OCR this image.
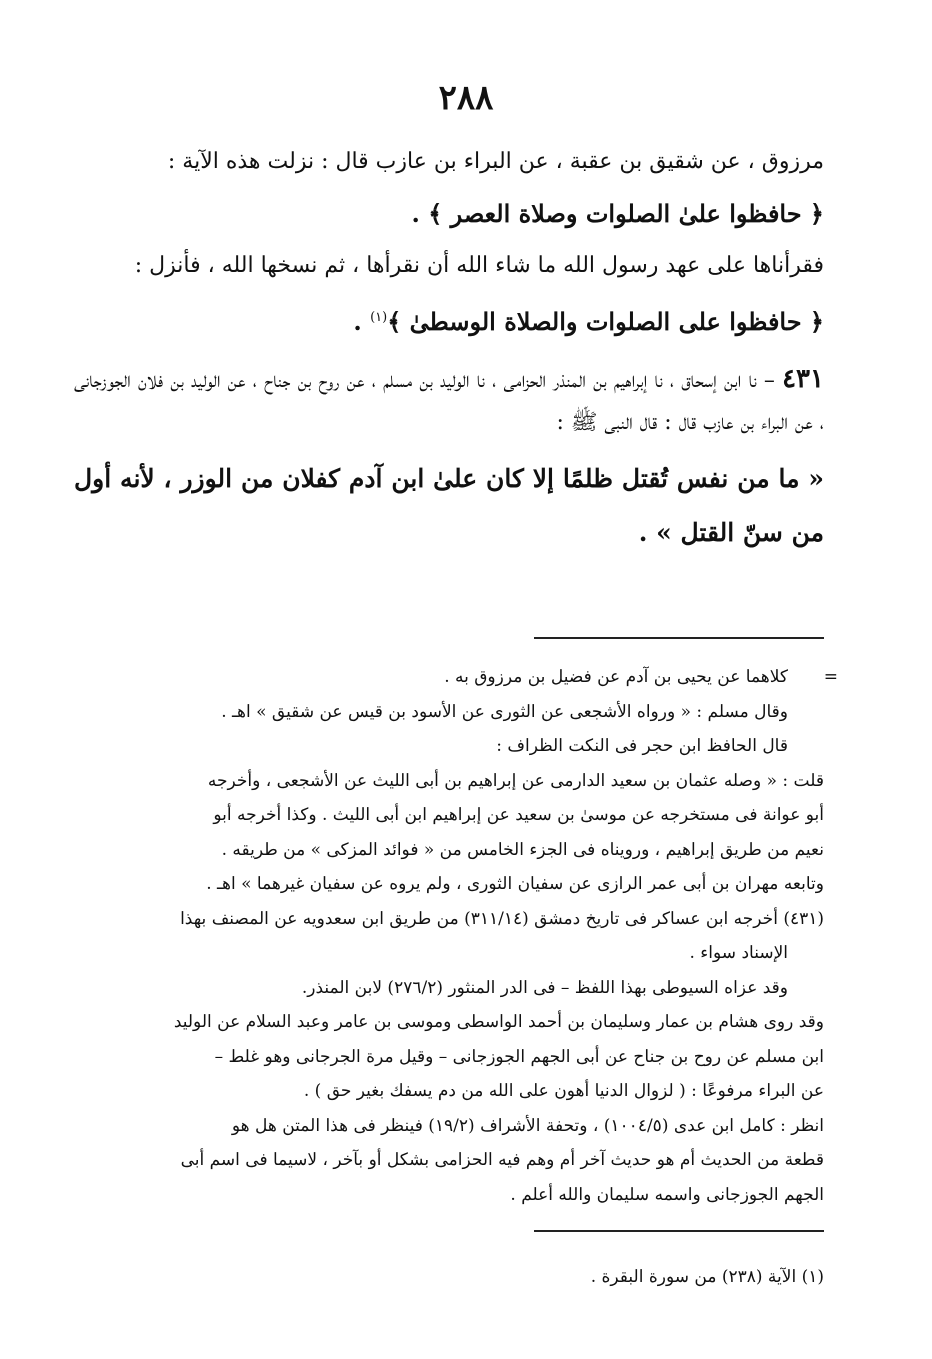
٢٨٨

مرزوق ، عن شقيق بن عقبة ، عن البراء بن عازب قال : نزلت هذه الآية :

﴿ حافظوا علىٰ الصلوات وصلاة العصر ﴾ .

فقرأناها على عهد رسول الله ما شاء الله أن نقرأها ، ثم نسخها الله ، فأنزل :

﴿ حافظوا على الصلوات والصلاة الوسطىٰ ﴾$^{(١)}$ .

٤٣١ – نا ابن إسحاق ، نا إبراهيم بن المنذر الحزامى ، نا الوليد بن مسلم ، عن روح بن جناح ، عن الوليد بن فلان الجوزجانى ، عن البراء بن عازب قال : قال النبى ﷺ :

« ما من نفس تُقتل ظلمًا إلا كان علىٰ ابن آدم كفلان من الوزر ، لأنه أول من سنّ القتل » .

=
كلاهما عن يحيى بن آدم عن فضيل بن مرزوق به .

وقال مسلم : « ورواه الأشجعى عن الثورى عن الأسود بن قيس عن شقيق » اهـ .

قال الحافظ ابن حجر فى النكت الظراف :

قلت : « وصله عثمان بن سعيد الدارمى عن إبراهيم بن أبى الليث عن الأشجعى ، وأخرجه

أبو عوانة فى مستخرجه عن موسىٰ بن سعيد عن إبراهيم ابن أبى الليث . وكذا أخرجه أبو

نعيم من طريق إبراهيم ، ورويناه فى الجزء الخامس من « فوائد المزكى » من طريقه .

وتابعه مهران بن أبى عمر الرازى عن سفيان الثورى ، ولم يروه عن سفيان غيرهما » اهـ .

(٤٣١) أخرجه ابن عساكر فى تاريخ دمشق (٣١١/١٤) من طريق ابن سعدويه عن المصنف بهذا

الإسناد سواء .

وقد عزاه السيوطى بهذا اللفظ – فى الدر المنثور (٢٧٦/٢) لابن المنذر.

وقد روى هشام بن عمار وسليمان بن أحمد الواسطى وموسى بن عامر وعبد السلام عن الوليد

ابن مسلم عن روح بن جناح عن أبى الجهم الجوزجانى – وقيل مرة الجرجانى وهو غلط –

عن البراء مرفوعًا : ( لزوال الدنيا أهون على الله من دم يسفك بغير حق ) .

انظر : كامل ابن عدى (١٠٠٤/٥) ، وتحفة الأشراف (١٩/٢) فينظر فى هذا المتن هل هو

قطعة من الحديث أم هو حديث آخر أم وهم فيه الحزامى بشكل أو بآخر ، لاسيما فى اسم أبى

الجهم الجوزجانى واسمه سليمان والله أعلم .

(١) الآية (٢٣٨) من سورة البقرة .
